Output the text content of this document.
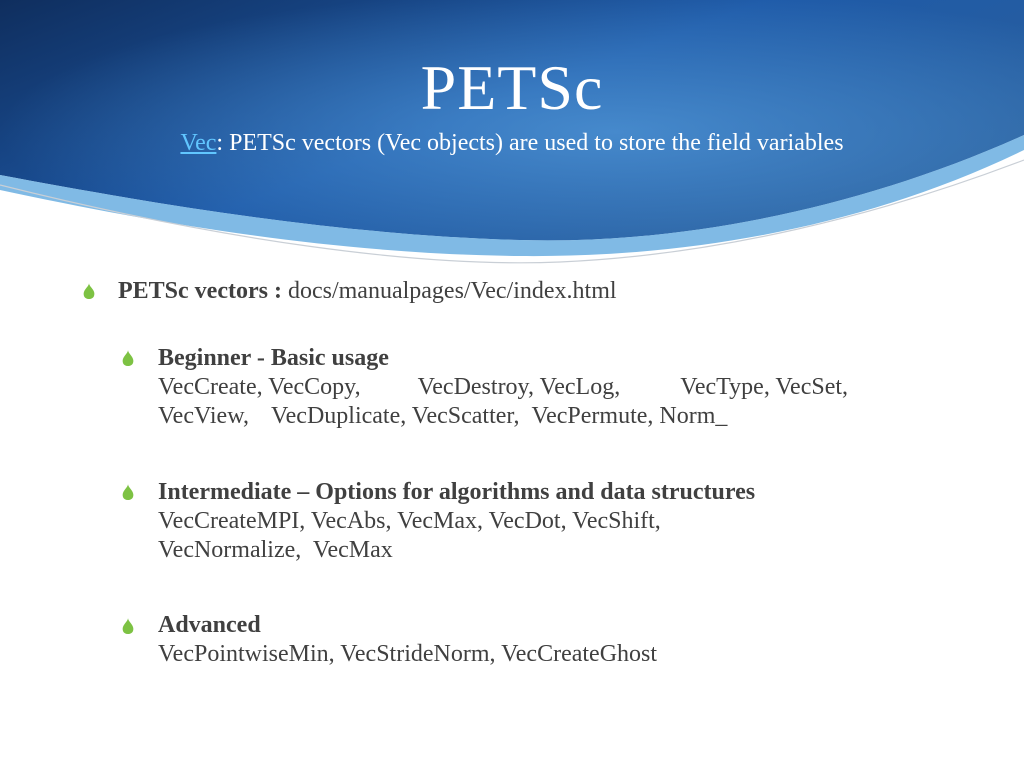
PETSc
Vec: PETSc vectors (Vec objects) are used to store the field variables
PETSc vectors : docs/manualpages/Vec/index.html
Beginner - Basic usage
VecCreate, VecCopy, VecDestroy, VecLog,	VecType, VecSet,
VecView, VecDuplicate, VecScatter, VecPermute, Norm_
Intermediate – Options for algorithms and data structures
VecCreateMPI, VecAbs, VecMax, VecDot, VecShift,
VecNormalize,  VecMax
Advanced
VecPointwiseMin, VecStrideNorm, VecCreateGhost
